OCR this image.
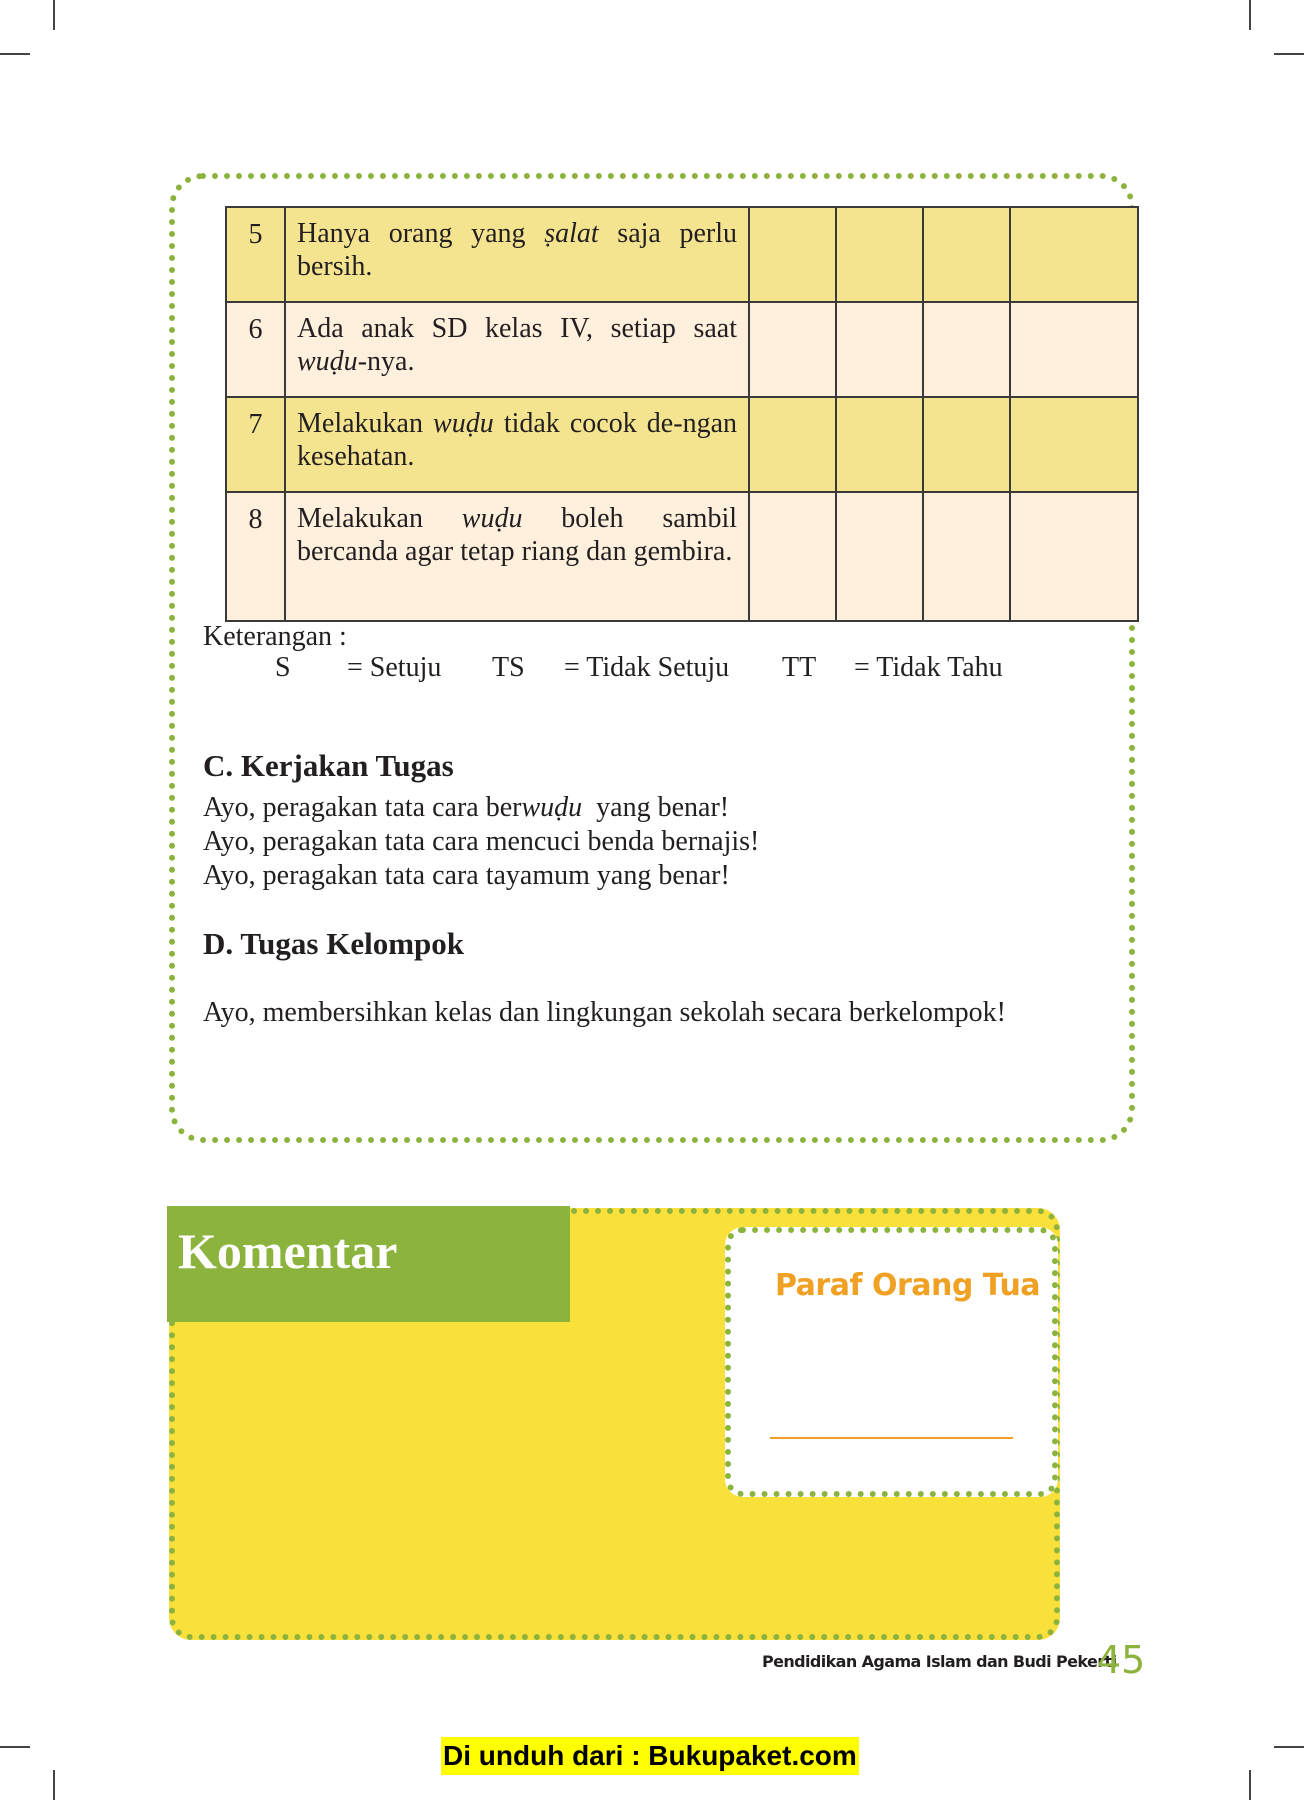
5	Hanya orang yang ṣalat saja perlu bersih.				
6	Ada anak SD kelas IV, setiap saat wuḍu-nya.				
7	Melakukan wuḍu tidak cocok de-ngan kesehatan.				
8	Melakukan wuḍu boleh sambil bercanda agar tetap riang dan gembira.				
Keterangan :
S = Setuju TS = Tidak Setuju TT = Tidak Tahu
C. Kerjakan Tugas
Ayo, peragakan tata cara berwuḍu  yang benar!
Ayo, peragakan tata cara mencuci benda bernajis!
Ayo, peragakan tata cara tayamum yang benar!
D. Tugas Kelompok
Ayo, membersihkan kelas dan lingkungan sekolah secara berkelompok!
Komentar
Paraf Orang Tua
Pendidikan Agama Islam dan Budi Pekerti
45
Di unduh dari : Bukupaket.com
